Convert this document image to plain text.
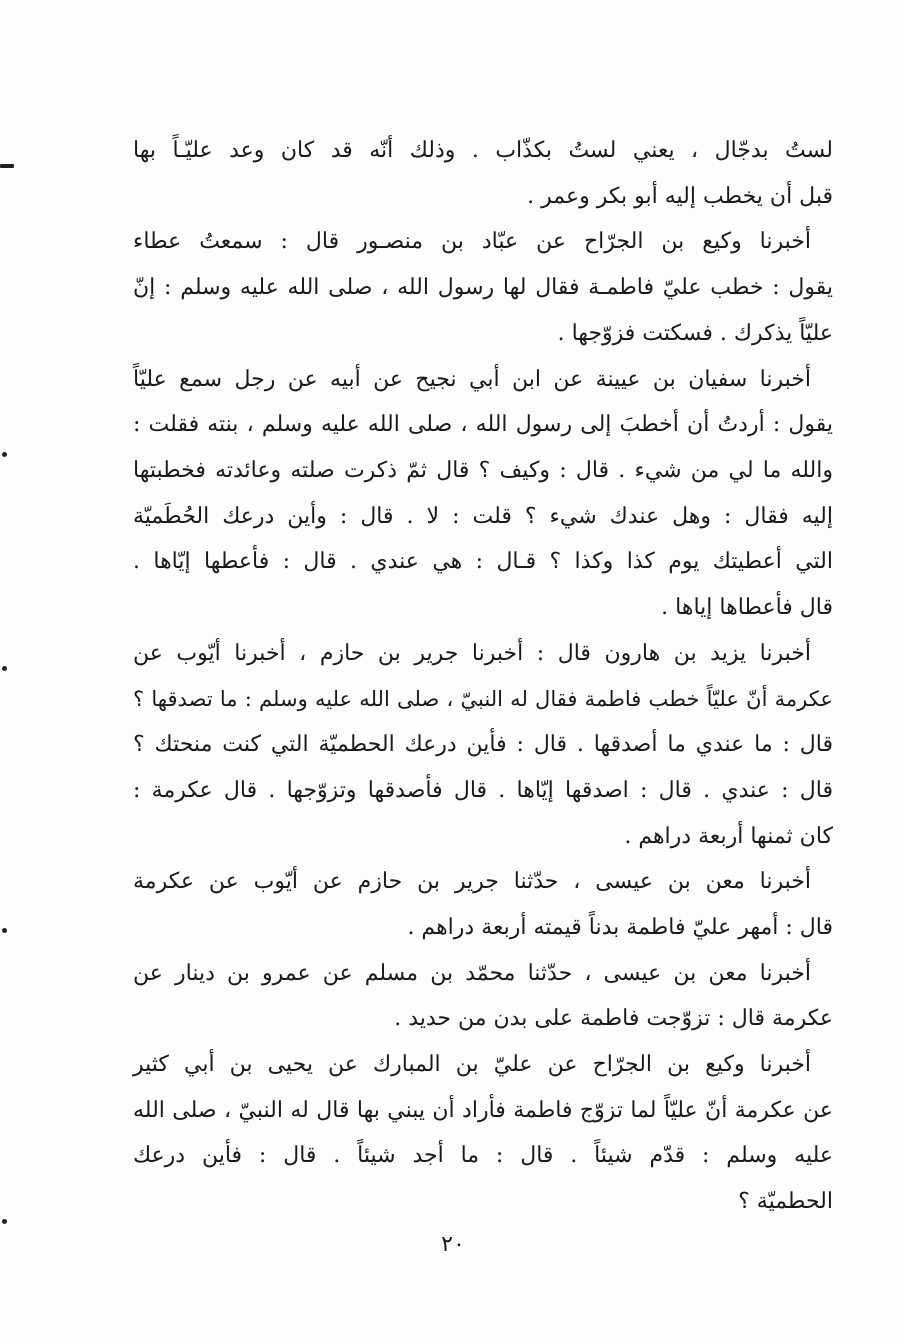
لستُ بدجّال ، يعني لستُ بكذّاب . وذلك أنّه قد كان وعد عليّـاً بها
قبل أن يخطب إليه أبو بكر وعمر .
أخبرنا وكيع بن الجرّاح عن عبّاد بن منصـور قال : سمعتُ عطاء
يقول : خطب عليّ فاطمـة فقال لها رسول الله ، صلى الله عليه وسلم : إنّ
عليّاً يذكرك . فسكتت فزوّجها .
أخبرنا سفيان بن عيينة عن ابن أبي نجيح عن أبيه عن رجل سمع عليّاً
يقول : أردتُ أن أخطبَ إلى رسول الله ، صلى الله عليه وسلم ، بنته فقلت :
والله ما لي من شيء . قال : وكيف ؟ قال ثمّ ذكرت صلته وعائدته فخطبتها
إليه فقال : وهل عندك شيء ؟ قلت : لا . قال : وأين درعك الحُطَميّة
التي أعطيتك يوم كذا وكذا ؟ قـال : هي عندي . قال : فأعطها إيّاها .
قال فأعطاها إياها .
أخبرنا يزيد بن هارون قال : أخبرنا جرير بن حازم ، أخبرنا أيّوب عن
عكرمة أنّ عليّاً خطب فاطمة فقال له النبيّ ، صلى الله عليه وسلم : ما تصدقها ؟
قال : ما عندي ما أصدقها . قال : فأين درعك الحطميّة التي كنت منحتك ؟
قال : عندي . قال : اصدقها إيّاها . قال فأصدقها وتزوّجها . قال عكرمة :
كان ثمنها أربعة دراهم .
أخبرنا معن بن عيسى ، حدّثنا جرير بن حازم عن أيّوب عن عكرمة
قال : أمهر عليّ فاطمة بدناً قيمته أربعة دراهم .
أخبرنا معن بن عيسى ، حدّثنا محمّد بن مسلم عن عمرو بن دينار عن
عكرمة قال : تزوّجت فاطمة على بدن من حديد .
أخبرنا وكيع بن الجرّاح عن عليّ بن المبارك عن يحيى بن أبي كثير
عن عكرمة أنّ عليّاً لما تزوّج فاطمة فأراد أن يبني بها قال له النبيّ ، صلى الله
عليه وسلم : قدّم شيئاً . قال : ما أجد شيئاً . قال : فأين درعك
الحطميّة ؟
٢٠
